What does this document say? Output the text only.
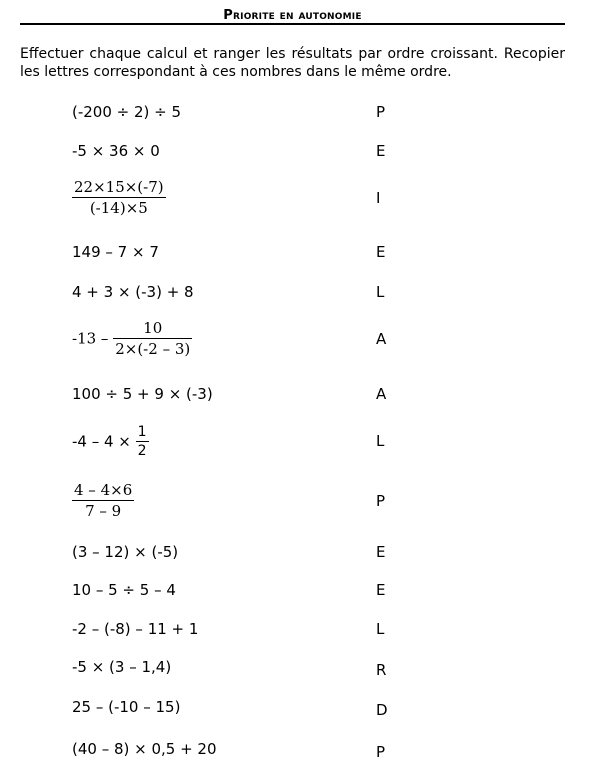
Priorite en autonomie
Effectuer chaque calcul et ranger les résultats par ordre croissant. Recopier les lettres correspondant à ces nombres dans le même ordre.
(-200 ÷ 2) ÷ 5	P
-5 × 36 × 0	E
$\frac{22\times 15\times(-7)}{(-14)\times 5}$	I
149 – 7 × 7	E
4 + 3 × (-3) + 8	L
$-13 - \frac{10}{2\times(-2 - 3)}$	A
100 ÷ 5 + 9 × (-3)	A
$-4 - 4 \times \frac{1}{2}$	L
$\frac{4 - 4\times 6}{7 - 9}$	P
(3 – 12) × (-5)	E
10 – 5 ÷ 5 – 4	E
-2 – (-8) – 11 + 1	L
-5 × (3 – 1,4)	R
25 – (-10 – 15)	D
(40 – 8) × 0,5 + 20	P
